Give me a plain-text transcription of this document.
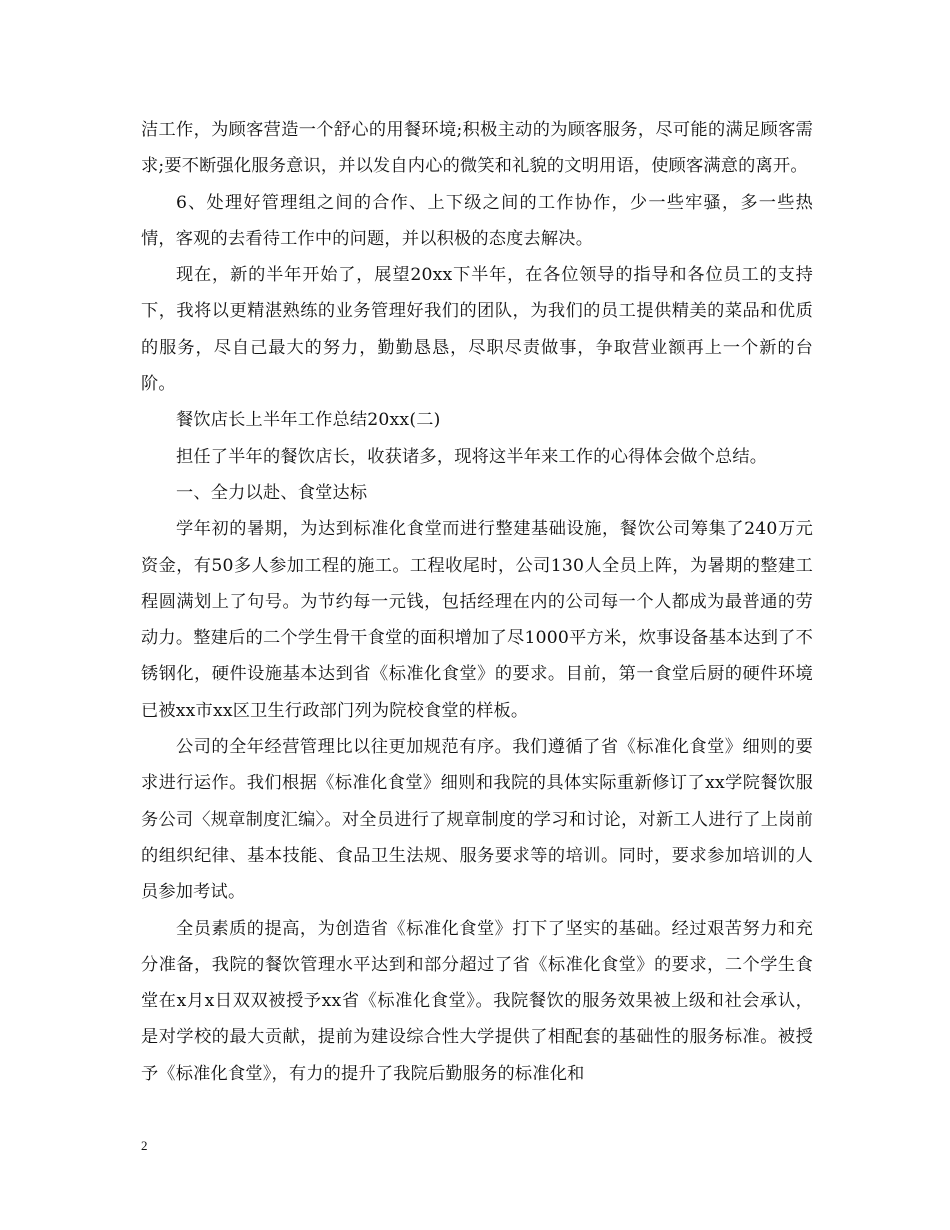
洁工作，为顾客营造一个舒心的用餐环境;积极主动的为顾客服务，尽可能的满足顾客需求;要不断强化服务意识，并以发自内心的微笑和礼貌的文明用语，使顾客满意的离开。

6、处理好管理组之间的合作、上下级之间的工作协作，少一些牢骚，多一些热情，客观的去看待工作中的问题，并以积极的态度去解决。

现在，新的半年开始了，展望20xx下半年，在各位领导的指导和各位员工的支持下，我将以更精湛熟练的业务管理好我们的团队，为我们的员工提供精美的菜品和优质的服务，尽自己最大的努力，勤勤恳恳，尽职尽责做事，争取营业额再上一个新的台阶。

餐饮店长上半年工作总结20xx(二)

担任了半年的餐饮店长，收获诸多，现将这半年来工作的心得体会做个总结。

一、全力以赴、食堂达标

学年初的暑期，为达到标准化食堂而进行整建基础设施，餐饮公司筹集了240万元资金，有50多人参加工程的施工。工程收尾时，公司130人全员上阵，为暑期的整建工程圆满划上了句号。为节约每一元钱，包括经理在内的公司每一个人都成为最普通的劳动力。整建后的二个学生骨干食堂的面积增加了尽1000平方米，炊事设备基本达到了不锈钢化，硬件设施基本达到省《标准化食堂》的要求。目前，第一食堂后厨的硬件环境已被xx市xx区卫生行政部门列为院校食堂的样板。

公司的全年经营管理比以往更加规范有序。我们遵循了省《标准化食堂》细则的要求进行运作。我们根据《标准化食堂》细则和我院的具体实际重新修订了xx学院餐饮服务公司〈规章制度汇编〉。对全员进行了规章制度的学习和讨论，对新工人进行了上岗前的组织纪律、基本技能、食品卫生法规、服务要求等的培训。同时，要求参加培训的人员参加考试。

全员素质的提高，为创造省《标准化食堂》打下了坚实的基础。经过艰苦努力和充分准备，我院的餐饮管理水平达到和部分超过了省《标准化食堂》的要求，二个学生食堂在x月x日双双被授予xx省《标准化食堂》。我院餐饮的服务效果被上级和社会承认，是对学校的最大贡献，提前为建设综合性大学提供了相配套的基础性的服务标准。被授予《标准化食堂》，有力的提升了我院后勤服务的标准化和

2
